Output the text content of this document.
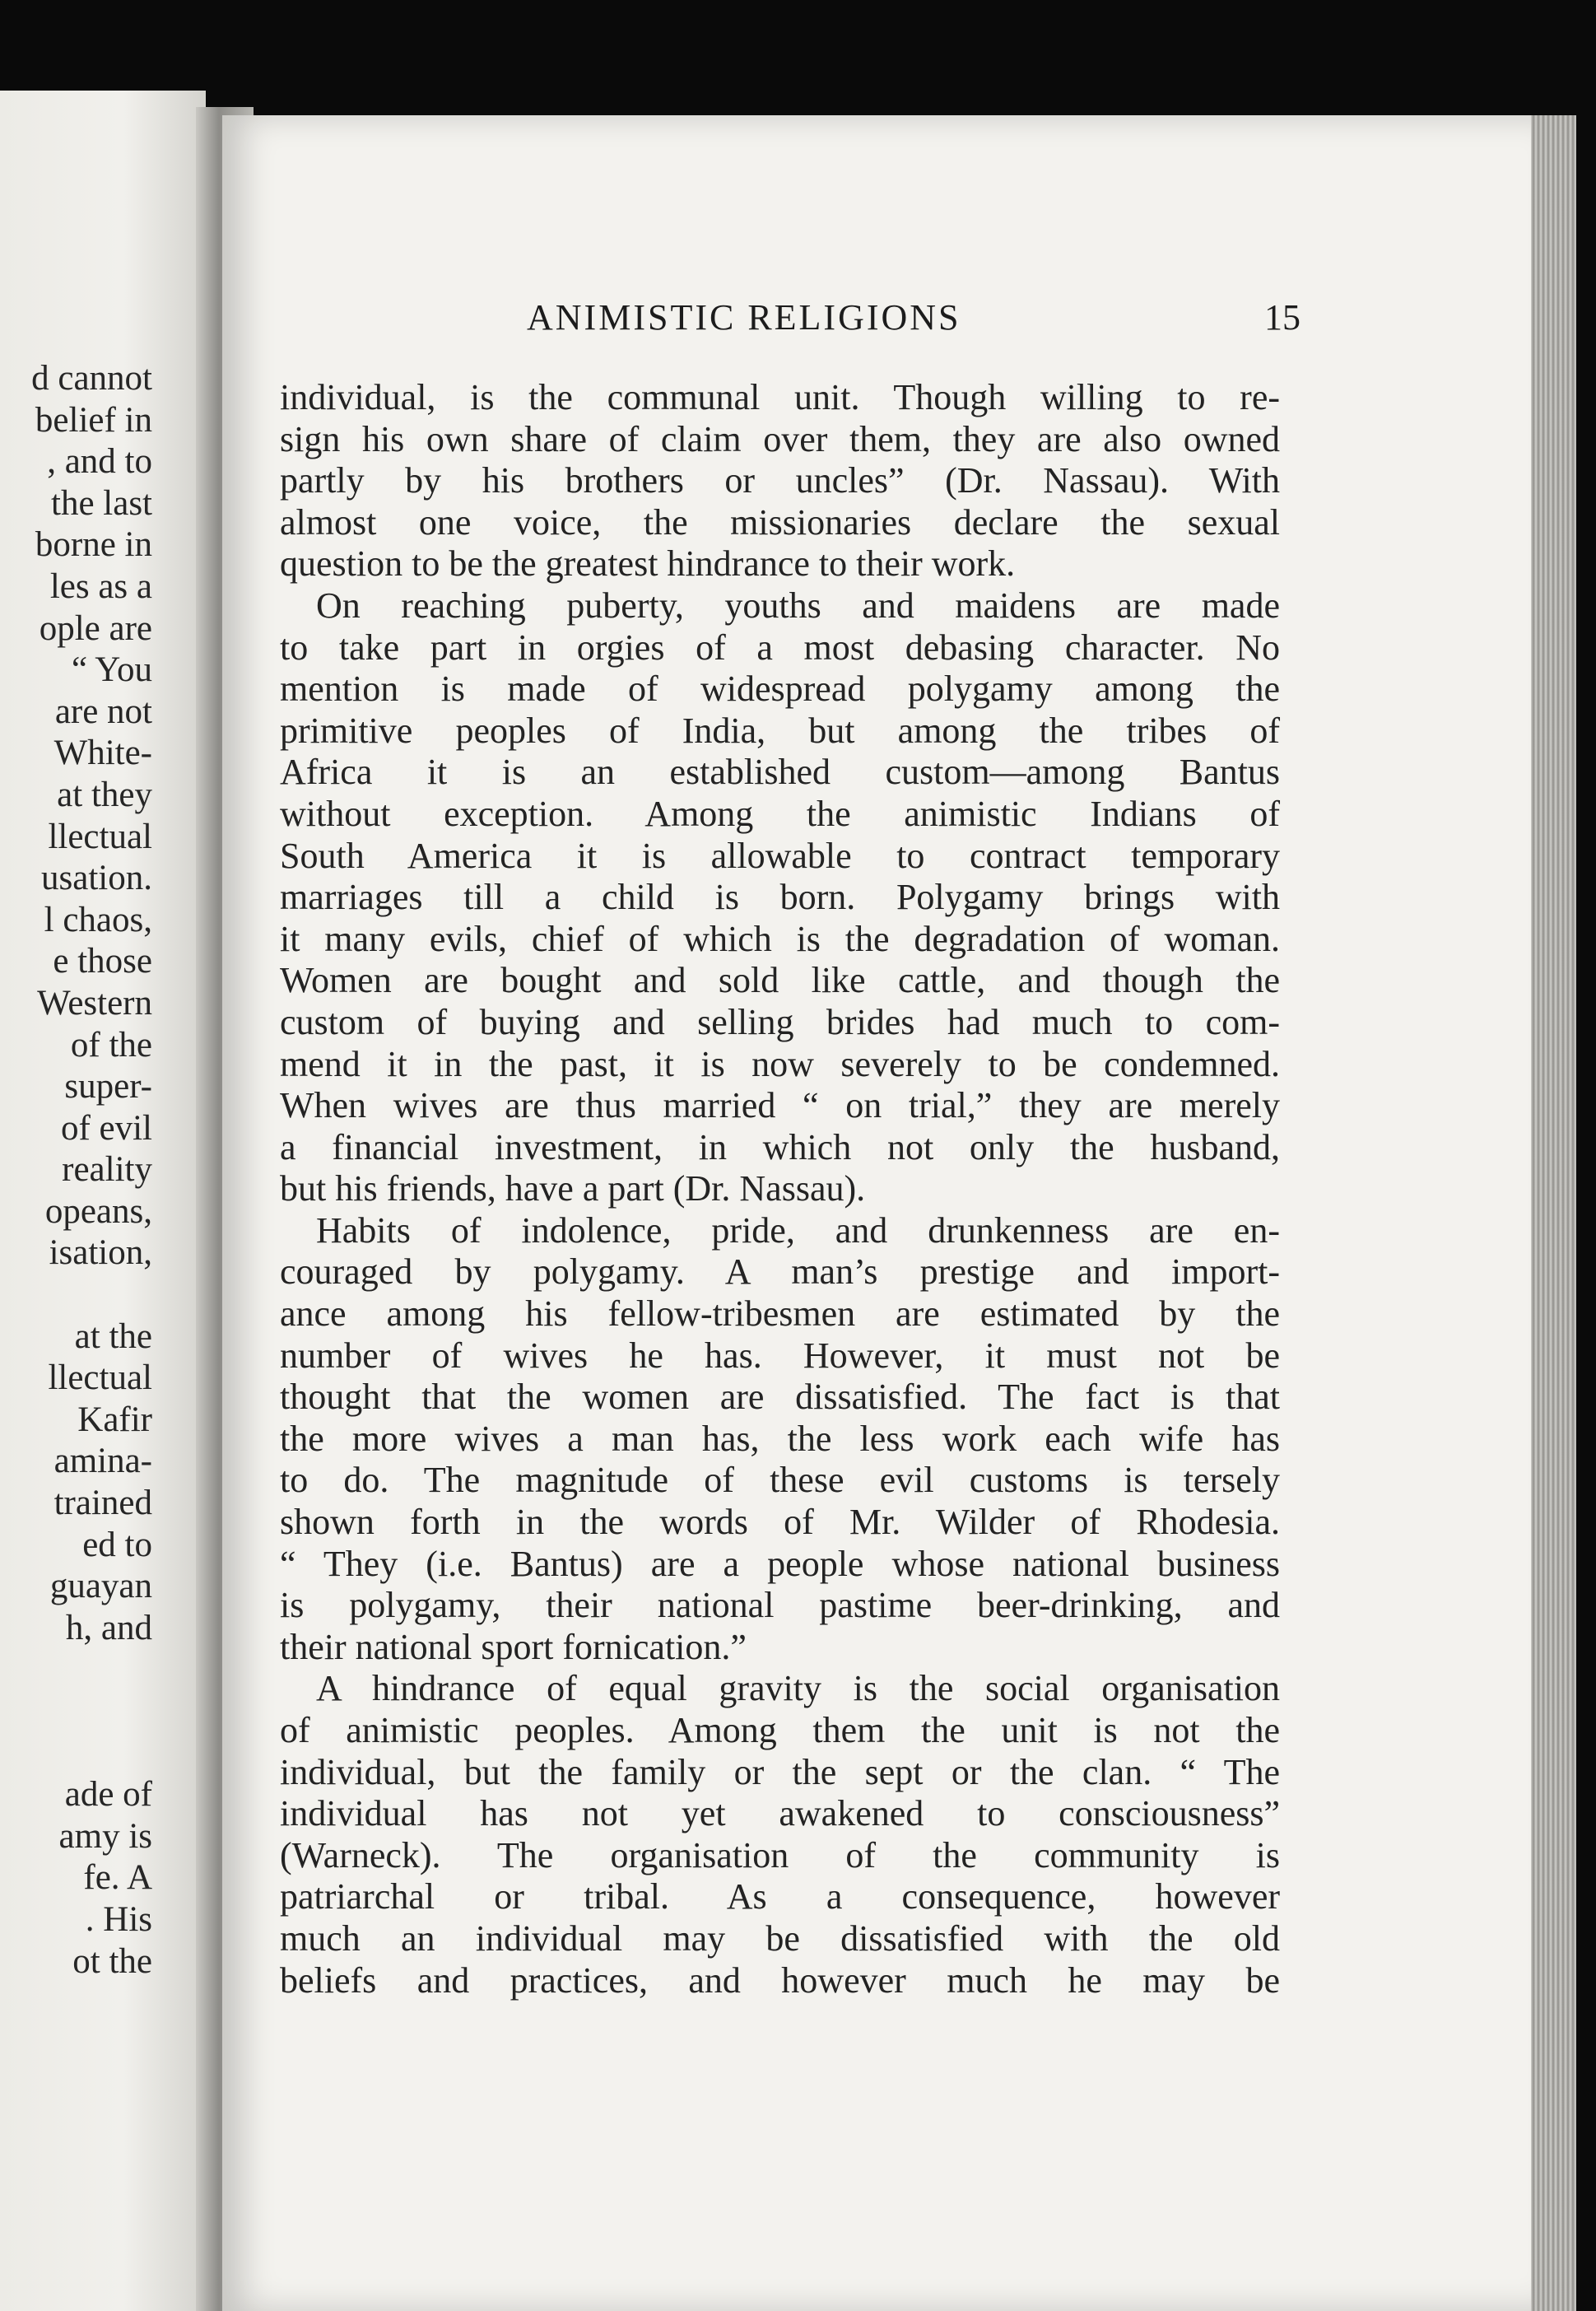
d cannot
belief in
, and to
the last
borne in
les as a
ople are
“ You
are not
White-
at they
llectual
usation.
l chaos,
e those
Western
of the
super-
of evil
reality
opeans,
isation,
at the
llectual
Kafir
amina-
trained
ed to
guayan
h, and
ade of
amy is
fe. A
. His
ot the
ANIMISTIC RELIGIONS	15
individual, is the communal unit. Though willing to re-
sign his own share of claim over them, they are also owned
partly by his brothers or uncles” (Dr. Nassau). With
almost one voice, the missionaries declare the sexual
question to be the greatest hindrance to their work.
On reaching puberty, youths and maidens are made
to take part in orgies of a most debasing character. No
mention is made of widespread polygamy among the
primitive peoples of India, but among the tribes of
Africa it is an established custom—among Bantus
without exception. Among the animistic Indians of
South America it is allowable to contract temporary
marriages till a child is born. Polygamy brings with
it many evils, chief of which is the degradation of woman.
Women are bought and sold like cattle, and though the
custom of buying and selling brides had much to com-
mend it in the past, it is now severely to be condemned.
When wives are thus married “ on trial,” they are merely
a financial investment, in which not only the husband,
but his friends, have a part (Dr. Nassau).
Habits of indolence, pride, and drunkenness are en-
couraged by polygamy. A man’s prestige and import-
ance among his fellow-tribesmen are estimated by the
number of wives he has. However, it must not be
thought that the women are dissatisfied. The fact is that
the more wives a man has, the less work each wife has
to do. The magnitude of these evil customs is tersely
shown forth in the words of Mr. Wilder of Rhodesia.
“ They (i.e. Bantus) are a people whose national business
is polygamy, their national pastime beer-drinking, and
their national sport fornication.”
A hindrance of equal gravity is the social organisation
of animistic peoples. Among them the unit is not the
individual, but the family or the sept or the clan. “ The
individual has not yet awakened to consciousness”
(Warneck). The organisation of the community is
patriarchal or tribal. As a consequence, however
much an individual may be dissatisfied with the old
beliefs and practices, and however much he may be
